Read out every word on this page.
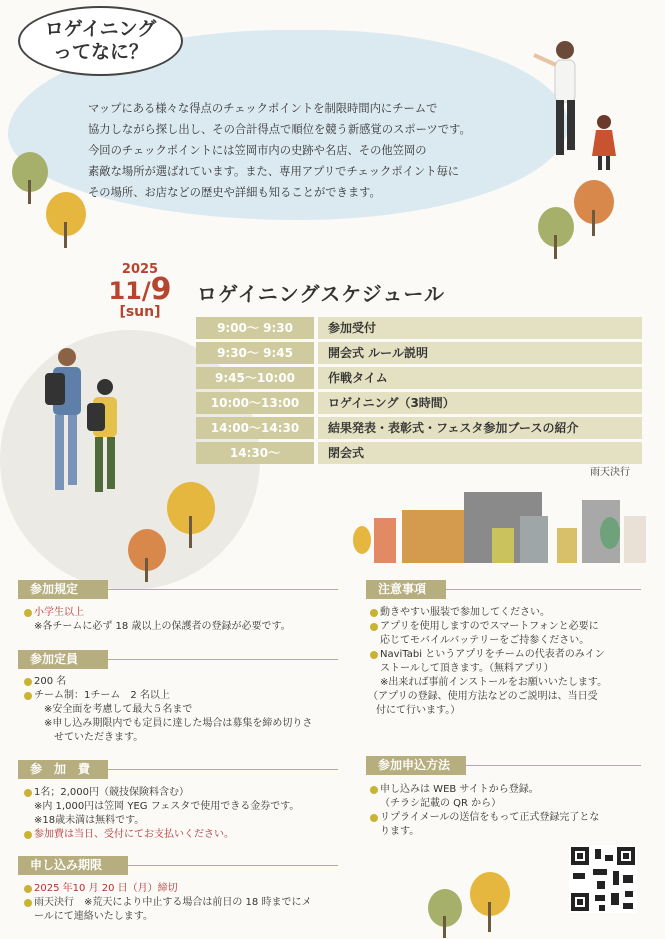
ロゲイニング
ってなに？

マップにある様々な得点のチェックポイントを制限時間内にチームで

協力しながら探し出し、その合計得点で順位を競う新感覚のスポーツです。

今回のチェックポイントには笠岡市内の史跡や名店、その他笠岡の

素敵な場所が選ばれています。また、専用アプリでチェックポイント毎に

その場所、お店などの歴史や詳細も知ることができます。

2025
11/9
[sun]
ロゲイニングスケジュール
9:00〜 9:30	参加受付
9:30〜 9:45	開会式 ルール説明
9:45〜10:00	作戦タイム
10:00〜13:00	ロゲイニング（3時間）
14:00〜14:30	結果発表・表彰式・フェスタ参加ブースの紹介
14:30〜	閉会式
雨天決行
参加規定
小学生以上
※各チームに必ず 18 歳以上の保護者の登録が必要です。
参加定員
200 名
チーム制：1チーム　2 名以上
※安全面を考慮して最大５名まで
※申し込み期限内でも定員に達した場合は募集を締め切りさ
せていただきます。
参　加　費
1名；2,000円（競技保険料含む）
※内 1,000円は笠岡 YEG フェスタで使用できる金券です。
※18歳未満は無料です。
参加費は当日、受付にてお支払いください。
申し込み期限
2025 年10 月 20 日（月）締切
雨天決行　※荒天により中止する場合は前日の 18 時までにメ
ールにて連絡いたします。
注意事項
動きやすい服装で参加してください。
アプリを使用しますのでスマートフォンと必要に
応じてモバイルバッテリーをご持参ください。
NaviTabi というアプリをチームの代表者のみイン
ストールして頂きます。（無料アプリ）
※出来れば事前インストールをお願いいたします。
（アプリの登録、使用方法などのご説明は、当日受
付にて行います。）
参加申込方法
申し込みは WEB サイトから登録。
（チラシ記載の QR から）
リプライメールの送信をもって正式登録完了とな
ります。
